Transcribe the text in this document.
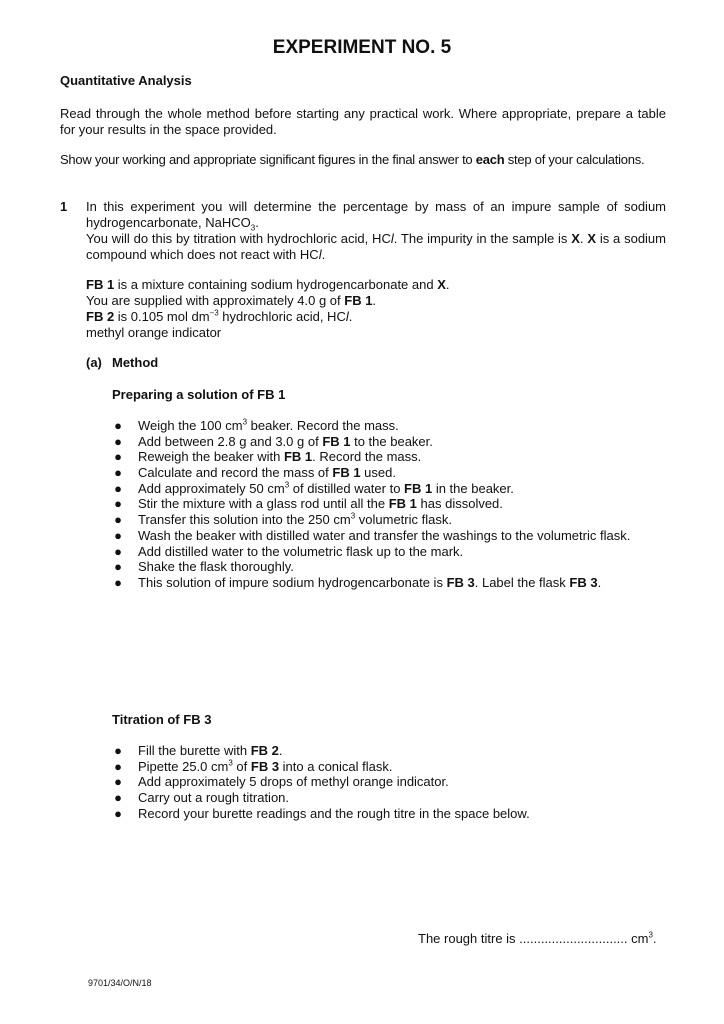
EXPERIMENT NO. 5
Quantitative Analysis
Read through the whole method before starting any practical work. Where appropriate, prepare a table for your results in the space provided.
Show your working and appropriate significant figures in the final answer to each step of your calculations.
1 In this experiment you will determine the percentage by mass of an impure sample of sodium hydrogencarbonate, NaHCO$_3$.
You will do this by titration with hydrochloric acid, HCl. The impurity in the sample is X. X is a sodium compound which does not react with HCl.
FB 1 is a mixture containing sodium hydrogencarbonate and X.
You are supplied with approximately 4.0 g of FB 1.
FB 2 is 0.105 mol $dm^{-3}$ hydrochloric acid, HCl.
methyl orange indicator
(a) Method
Preparing a solution of FB 1
● Weigh the 100 $cm^3$ beaker. Record the mass.
● Add between 2.8 g and 3.0 g of FB 1 to the beaker.
● Reweigh the beaker with FB 1. Record the mass.
● Calculate and record the mass of FB 1 used.
● Add approximately 50 $cm^3$ of distilled water to FB 1 in the beaker.
● Stir the mixture with a glass rod until all the FB 1 has dissolved.
● Transfer this solution into the 250 $cm^3$ volumetric flask.
● Wash the beaker with distilled water and transfer the washings to the volumetric flask.
● Add distilled water to the volumetric flask up to the mark.
● Shake the flask thoroughly.
● This solution of impure sodium hydrogencarbonate is FB 3. Label the flask FB 3.
Titration of FB 3
● Fill the burette with FB 2.
● Pipette 25.0 $cm^3$ of FB 3 into a conical flask.
● Add approximately 5 drops of methyl orange indicator.
● Carry out a rough titration.
● Record your burette readings and the rough titre in the space below.
The rough titre is .............................. $cm^3$.
9701/34/O/N/18
